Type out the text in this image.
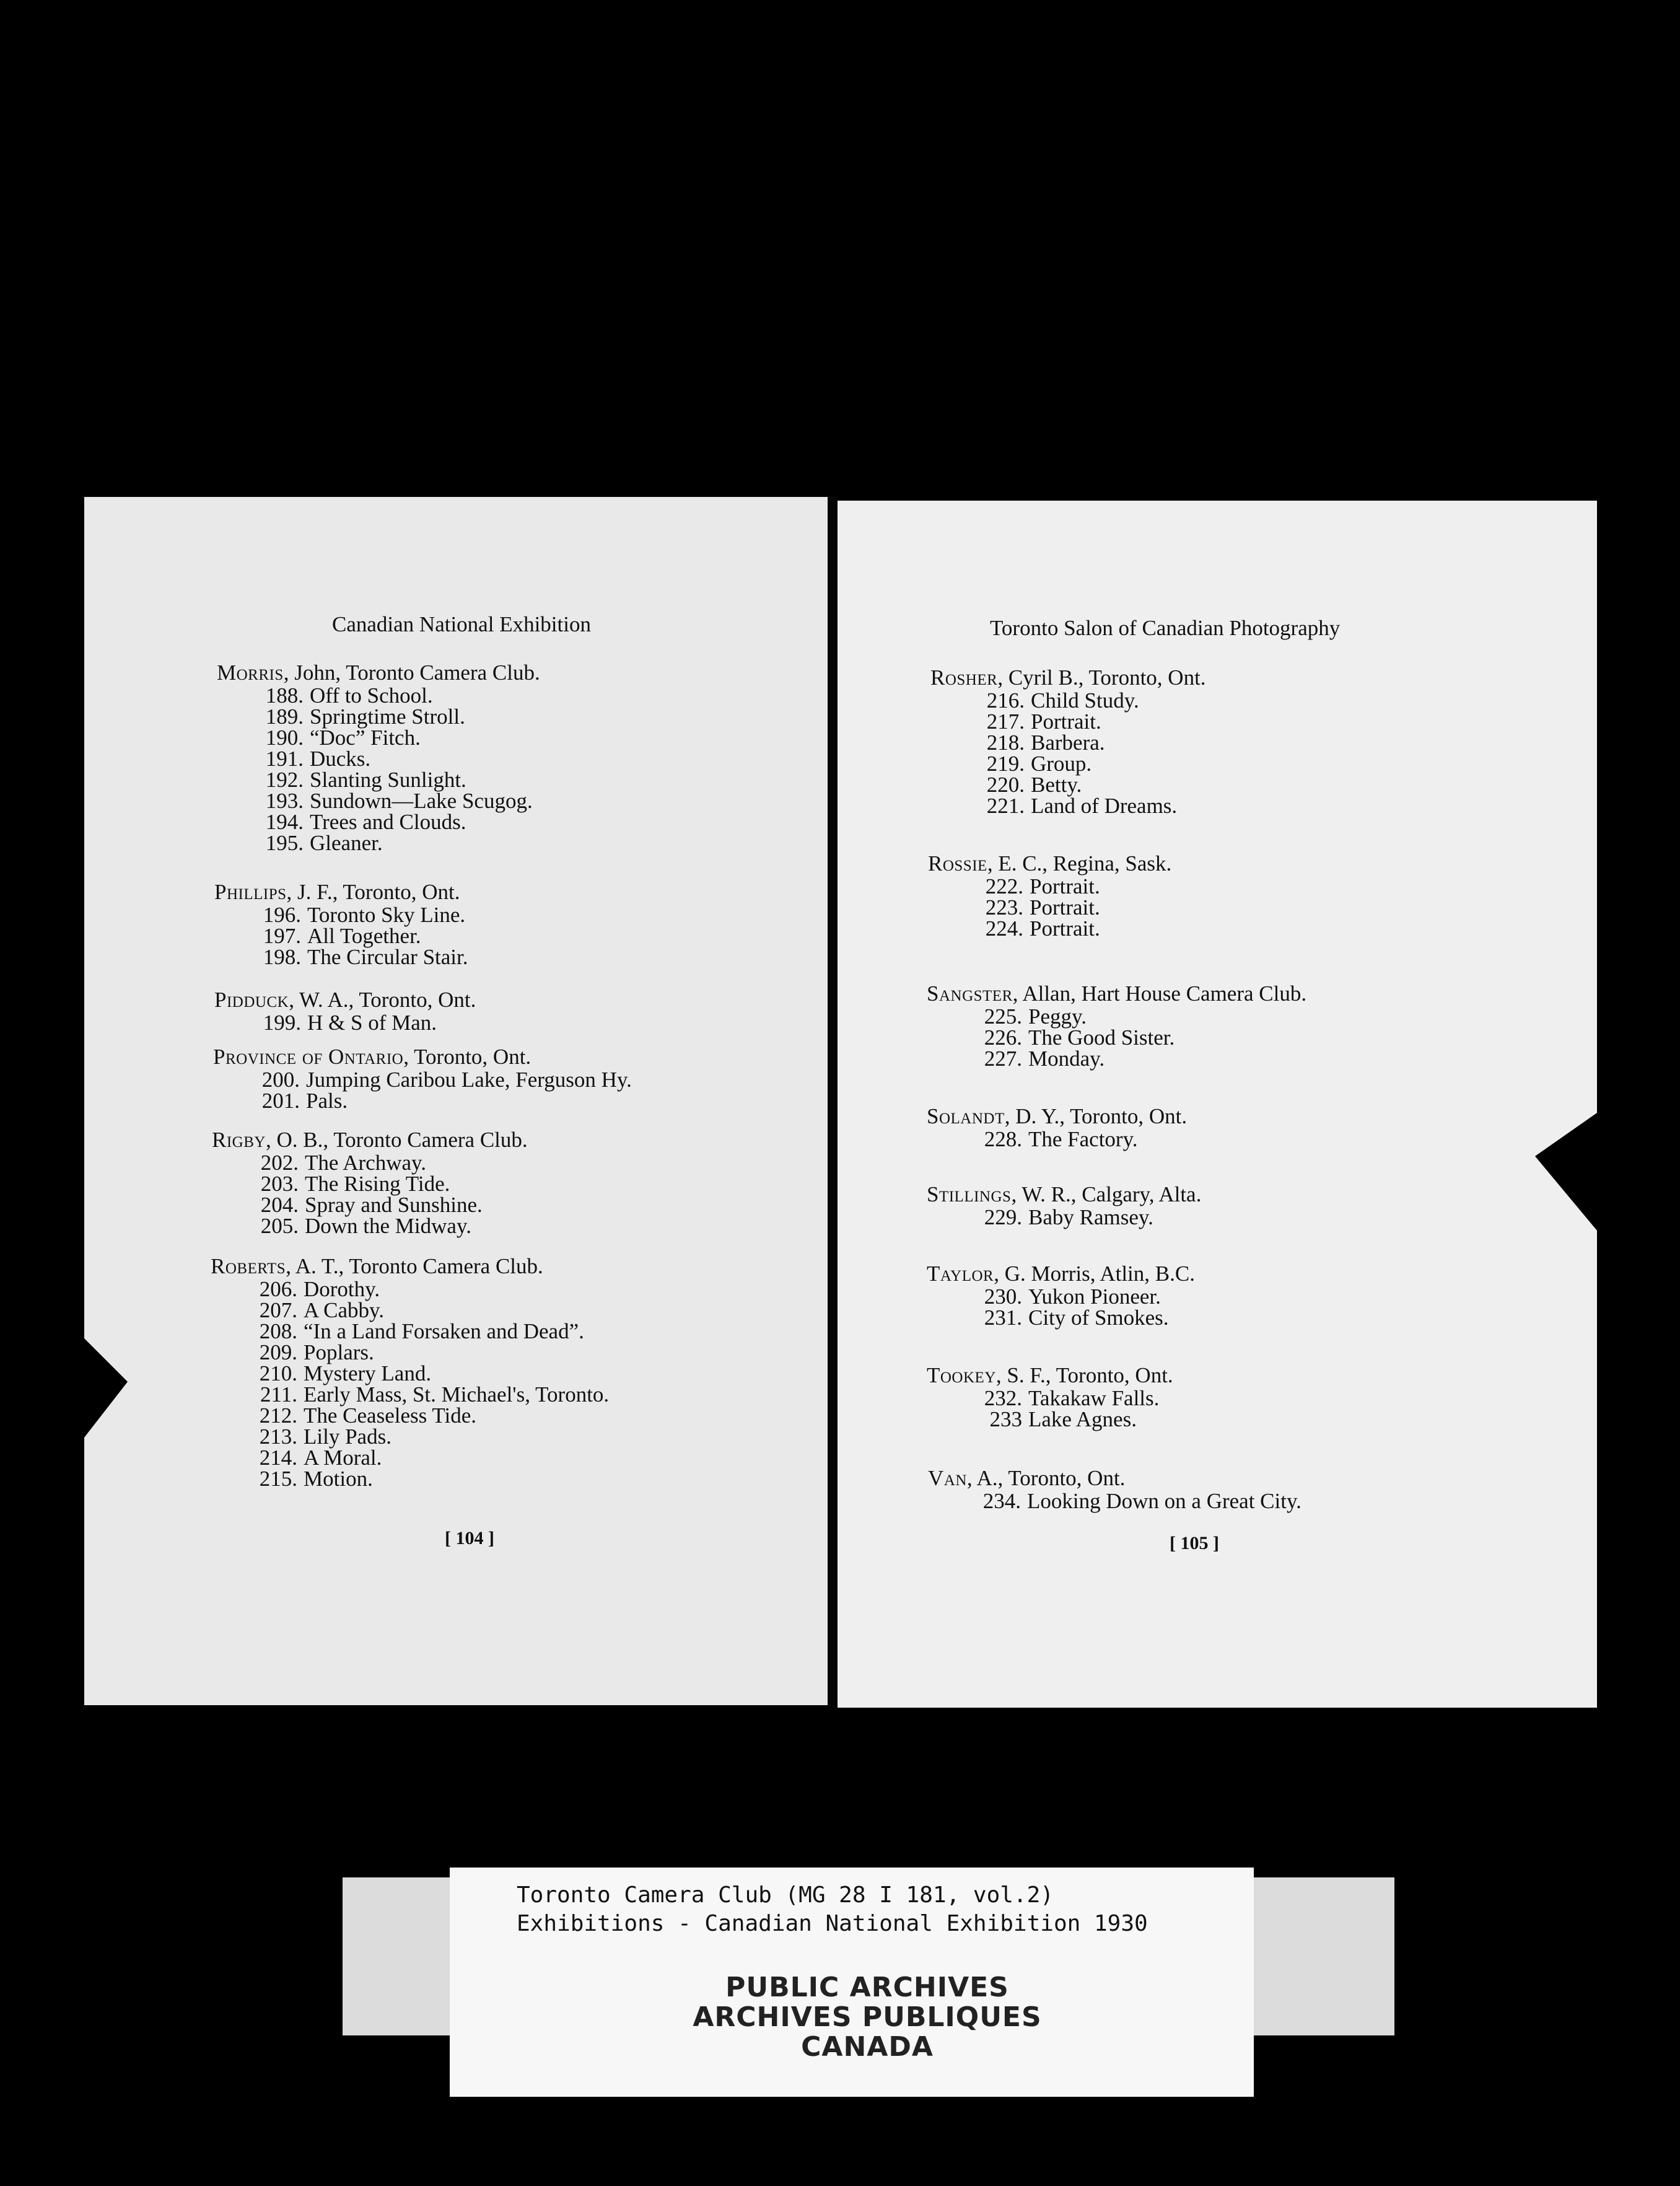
Canadian National Exhibition	Toronto Salon of Canadian Photography
Morris, John, Toronto Camera Club.
188. Off to School.
189. Springtime Stroll.
190. “Doc” Fitch.
191. Ducks.
192. Slanting Sunlight.
193. Sundown—Lake Scugog.
194. Trees and Clouds.
195. Gleaner.
Phillips, J. F., Toronto, Ont.
196. Toronto Sky Line.
197. All Together.
198. The Circular Stair.
Pidduck, W. A., Toronto, Ont.
199. H & S of Man.
Province of Ontario, Toronto, Ont.
200. Jumping Caribou Lake, Ferguson Hy.
201. Pals.
Rigby, O. B., Toronto Camera Club.
202. The Archway.
203. The Rising Tide.
204. Spray and Sunshine.
205. Down the Midway.
Roberts, A. T., Toronto Camera Club.
206. Dorothy.
207. A Cabby.
208. “In a Land Forsaken and Dead”.
209. Poplars.
210. Mystery Land.
211. Early Mass, St. Michael's, Toronto.
212. The Ceaseless Tide.
213. Lily Pads.
214. A Moral.
215. Motion.
[ 104 ]
Rosher, Cyril B., Toronto, Ont.
216. Child Study.
217. Portrait.
218. Barbera.
219. Group.
220. Betty.
221. Land of Dreams.
Rossie, E. C., Regina, Sask.
222. Portrait.
223. Portrait.
224. Portrait.
Sangster, Allan, Hart House Camera Club.
225. Peggy.
226. The Good Sister.
227. Monday.
Solandt, D. Y., Toronto, Ont.
228. The Factory.
Stillings, W. R., Calgary, Alta.
229. Baby Ramsey.
Taylor, G. Morris, Atlin, B.C.
230. Yukon Pioneer.
231. City of Smokes.
Tookey, S. F., Toronto, Ont.
232. Takakaw Falls.
233 Lake Agnes.
Van, A., Toronto, Ont.
234. Looking Down on a Great City.
[ 105 ]
Toronto Camera Club (MG 28 I 181, vol.2)
Exhibitions - Canadian National Exhibition 1930
PUBLIC ARCHIVES
ARCHIVES PUBLIQUES
CANADA
